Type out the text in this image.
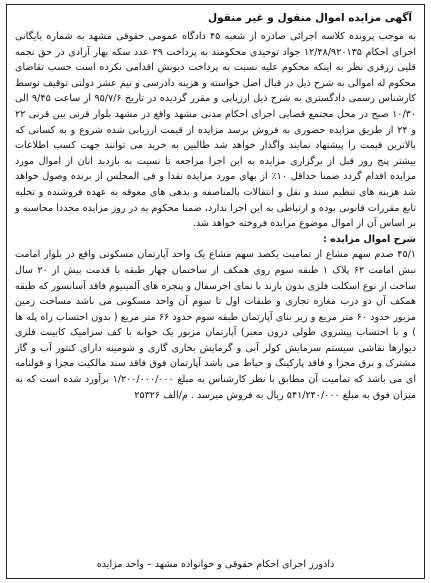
آگهی مزایده اموال منقول و غیر منقول

به موجب پرونده کلاسه اجرائی صادره از شعبه ۴۵ دادگاه عمومی حقوقی مشهد به شماره بایگانی اجرای احکام ۱۲/۴۸/۹۲۰۱۳۵ جواد توحیدی محکومند به پرداخت ۴۹ عدد سکه بهار آزادی در حق نجمه قلیی زرقری نظر به اینکه محکوم علیه نسبت به پرداخت دیونش اقدامی نکرده است حسب تقاضای محکوم له اموالی به شرح ذیل در قبال اصل خواسته و هزینه دادرسی و نیم عشر دولتی توقیف توسط کارشناس رسمی دادگستری به شرح ذیل ارزیابی و مقرر گردیده در تاریخ ۹۵/۷/۶ از ساعت ۹/۴۵ الی ۱۰/۳۰ صبح در محل مجتمع قضایی اجرای احکام مدنی مشهد واقع در مشهد بلوار قرنی بین قرنی ۲۲ و ۲۴ از طریق مزایده حضوری به فروش برسد مزایده از قیمت ارزیابی شده شروع و به کسانی که بالاترین قیمت را پیشنهاد نمایند واگذار خواهد شد طالبین به خرید می توانند جهت کسب اطلاعات بیشتر پنج روز قبل از برگزاری مزایده به این اجرا مراجعه تا نسبت به بازدید انان از اموال مورد مزایده اقدام گردد ضمنا حداقل ۱۰٪ از بهای مورد مزایده نقدا و فی المجلس از برنده وصول خواهد شد هزینه های تنظیم سند و نقل و انتقالات بالمناصفه و بدهی های معوقه به عهده فروشنده و تخلیه تابع مقررات قانونی بوده و ارتباطی به این اجرا ندارد، ضمنا محکوم به در روز مزایده مجددا محاسبه و بر اساس آن از اموال موضوع مزایده فروخته خواهد شد.

شرح اموال مزایده :

۴۵/۱ صدم سهم مشاع از تمامیت یکصد سهم مشاع یک واحد آپارتمان مسکونی واقع در بلوار امامت نبش امامت ۶۲ پلاک ۱ طبقه سوم روی همکف از ساختمان چهار طبقه با قدمت بیش از ۲۰ سال ساخت از نوع اسکلت فلزی بدون بازند با نمای اجرسفال و پنجره های آلمینیوم فاقد آسانسور که طبقه همکف آن دو درب مغازه تجاری و طبقات اول تا سوم آن واحد مسکونی می باشد مساحت زمین مزبور حدود ۶۰ متر مربع و زیر بنای آپارتمان طبقه سوم حدود ۶۶ متر مربع ( بدون احتساب راه پله ها ) و با احتساب پیشروی طولی درون معبر) آپارتمان مزبور یک خوابه با کف سرامیک کابینت فلزی دیوارها نقاشی سیستم سرمایش کولر آبی و گرمایش بخاری گازی و شومینه دارای کنتور آب و گاز مشترک و برق مجزا و فاقد پارکینگ و حیاط می باشد آپارتمان فوق فاقد سند مالکیت مجزا و قولنامه ای می باشد که تمامیت آن مطابق با نظر کارشناس به مبلغ ۱/۲۰۰/۰۰۰/۰۰۰ برآورد شده است که به میزان فوق به مبلغ ۵۴۱/۲۴۰/۰۰۰ ریال به فروش میرسد . م/الف ۲۵۳۲۶

دادورز اجرای احکام حقوقی و خوانواده مشهد – واحد مزایده
